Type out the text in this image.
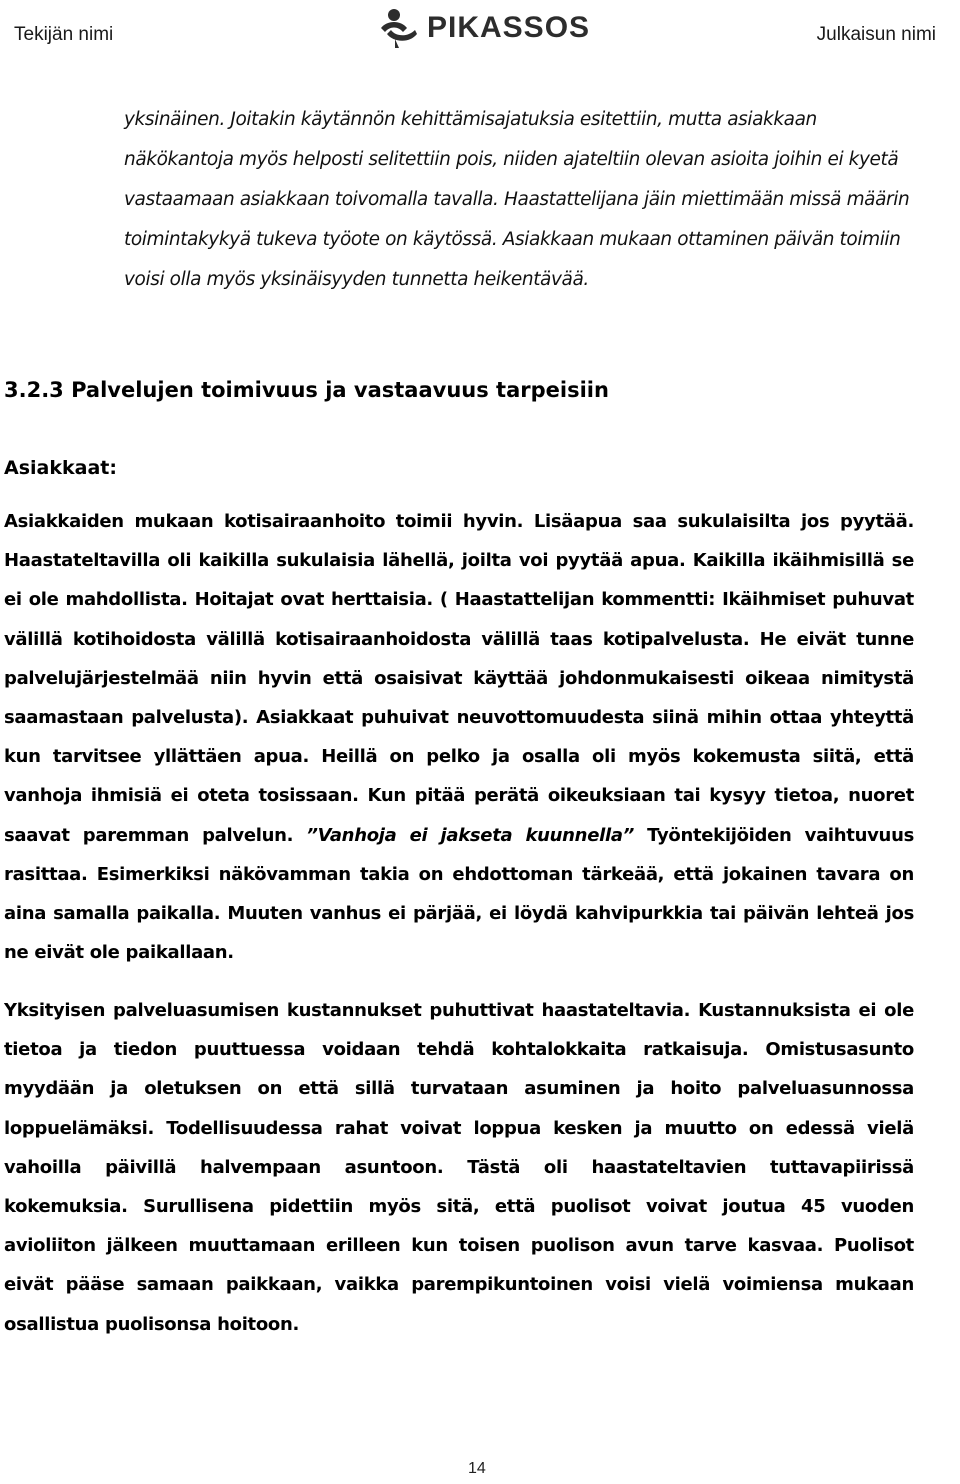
Tekijän nimi	PIKASSOS	Julkaisun nimi

yksinäinen. Joitakin käytännön kehittämisajatuksia esitettiin, mutta asiakkaan näkökantoja myös helposti selitettiin pois, niiden ajateltiin olevan asioita joihin ei kyetä vastaamaan asiakkaan toivomalla tavalla. Haastattelijana jäin miettimään missä määrin toimintakykyä tukeva työote on käytössä. Asiakkaan mukaan ottaminen päivän toimiin voisi olla myös yksinäisyyden tunnetta heikentävää.

3.2.3 Palvelujen toimivuus ja vastaavuus tarpeisiin
Asiakkaat:

Asiakkaiden mukaan kotisairaanhoito toimii hyvin. Lisäapua saa sukulaisilta jos pyytää. Haastateltavilla oli kaikilla sukulaisia lähellä, joilta voi pyytää apua. Kaikilla ikäihmisillä se ei ole mahdollista. Hoitajat ovat herttaisia. ( Haastattelijan kommentti: Ikäihmiset puhuvat välillä kotihoidosta välillä kotisairaanhoidosta välillä taas kotipalvelusta. He eivät tunne palvelujärjestelmää niin hyvin että osaisivat käyttää johdonmukaisesti oikeaa nimitystä saamastaan palvelusta). Asiakkaat puhuivat neuvottomuudesta siinä mihin ottaa yhteyttä kun tarvitsee yllättäen apua. Heillä on pelko ja osalla oli myös kokemusta siitä, että vanhoja ihmisiä ei oteta tosissaan. Kun pitää perätä oikeuksiaan tai kysyy tietoa, nuoret saavat paremman palvelun. ”Vanhoja ei jakseta kuunnella” Työntekijöiden vaihtuvuus rasittaa. Esimerkiksi näkövamman takia on ehdottoman tärkeää, että jokainen tavara on aina samalla paikalla. Muuten vanhus ei pärjää, ei löydä kahvipurkkia tai päivän lehteä jos ne eivät ole paikallaan.

Yksityisen palveluasumisen kustannukset puhuttivat haastateltavia. Kustannuksista ei ole tietoa ja tiedon puuttuessa voidaan tehdä kohtalokkaita ratkaisuja. Omistusasunto myydään ja oletuksen on että sillä turvataan asuminen ja hoito palveluasunnossa loppuelämäksi. Todellisuudessa rahat voivat loppua kesken ja muutto on edessä vielä vahoilla päivillä halvempaan asuntoon. Tästä oli haastateltavien tuttavapiirissä kokemuksia. Surullisena pidettiin myös sitä, että puolisot voivat joutua 45 vuoden avioliiton jälkeen muuttamaan erilleen kun toisen puolison avun tarve kasvaa. Puolisot eivät pääse samaan paikkaan, vaikka parempikuntoinen voisi vielä voimiensa mukaan osallistua puolisonsa hoitoon.

14
